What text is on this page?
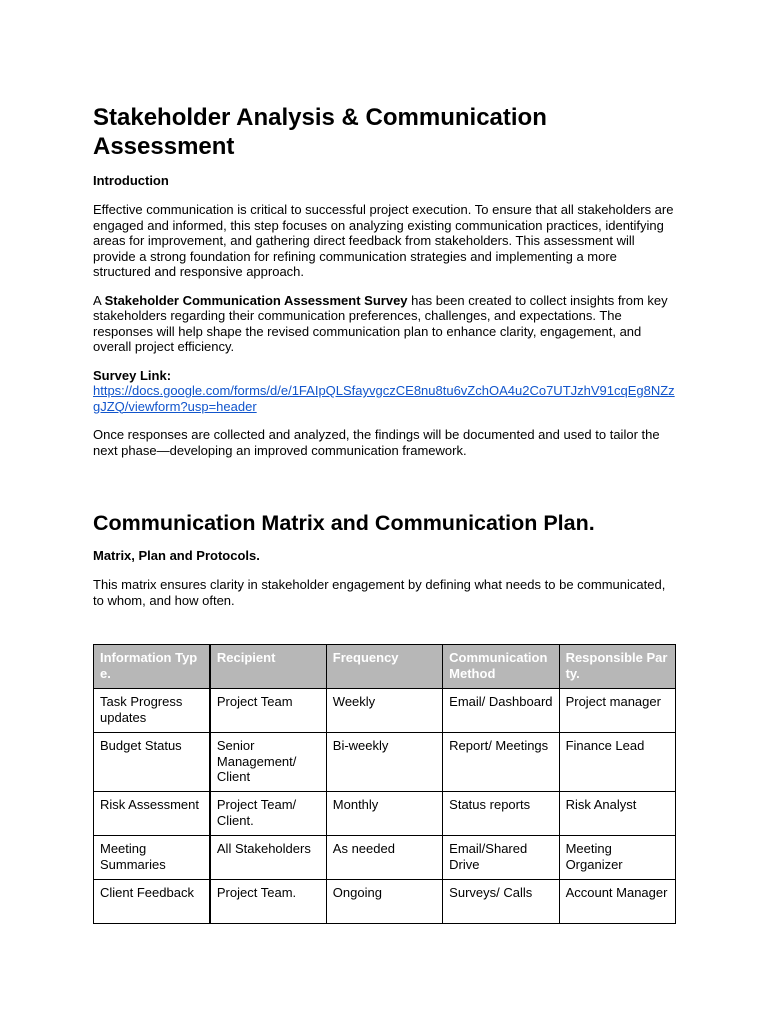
Stakeholder Analysis & Communication Assessment
Introduction

Effective communication is critical to successful project execution. To ensure that all stakeholders are engaged and informed, this step focuses on analyzing existing communication practices, identifying areas for improvement, and gathering direct feedback from stakeholders. This assessment will provide a strong foundation for refining communication strategies and implementing a more structured and responsive approach.

A Stakeholder Communication Assessment Survey has been created to collect insights from key stakeholders regarding their communication preferences, challenges, and expectations. The responses will help shape the revised communication plan to enhance clarity, engagement, and overall project efficiency.

Survey Link:
https://docs.google.com/forms/d/e/1FAIpQLSfayvgczCE8nu8tu6vZchOA4u2Co7UTJzhV91cqEg8NZzgJZQ/viewform?usp=header

Once responses are collected and analyzed, the findings will be documented and used to tailor the next phase—developing an improved communication framework.

Communication Matrix and Communication Plan.
Matrix, Plan and Protocols.

This matrix ensures clarity in stakeholder engagement by defining what needs to be communicated, to whom, and how often.

Information Type.	Recipient	Frequency	Communication Method	Responsible Party.
Task Progress updates	Project Team	Weekly	Email/ Dashboard	Project manager
Budget Status	Senior Management/ Client	Bi-weekly	Report/ Meetings	Finance Lead
Risk Assessment	Project Team/ Client.	Monthly	Status reports	Risk Analyst
Meeting Summaries	All Stakeholders	As needed	Email/Shared Drive	Meeting Organizer
Client Feedback	Project Team.	Ongoing	Surveys/ Calls	Account Manager
